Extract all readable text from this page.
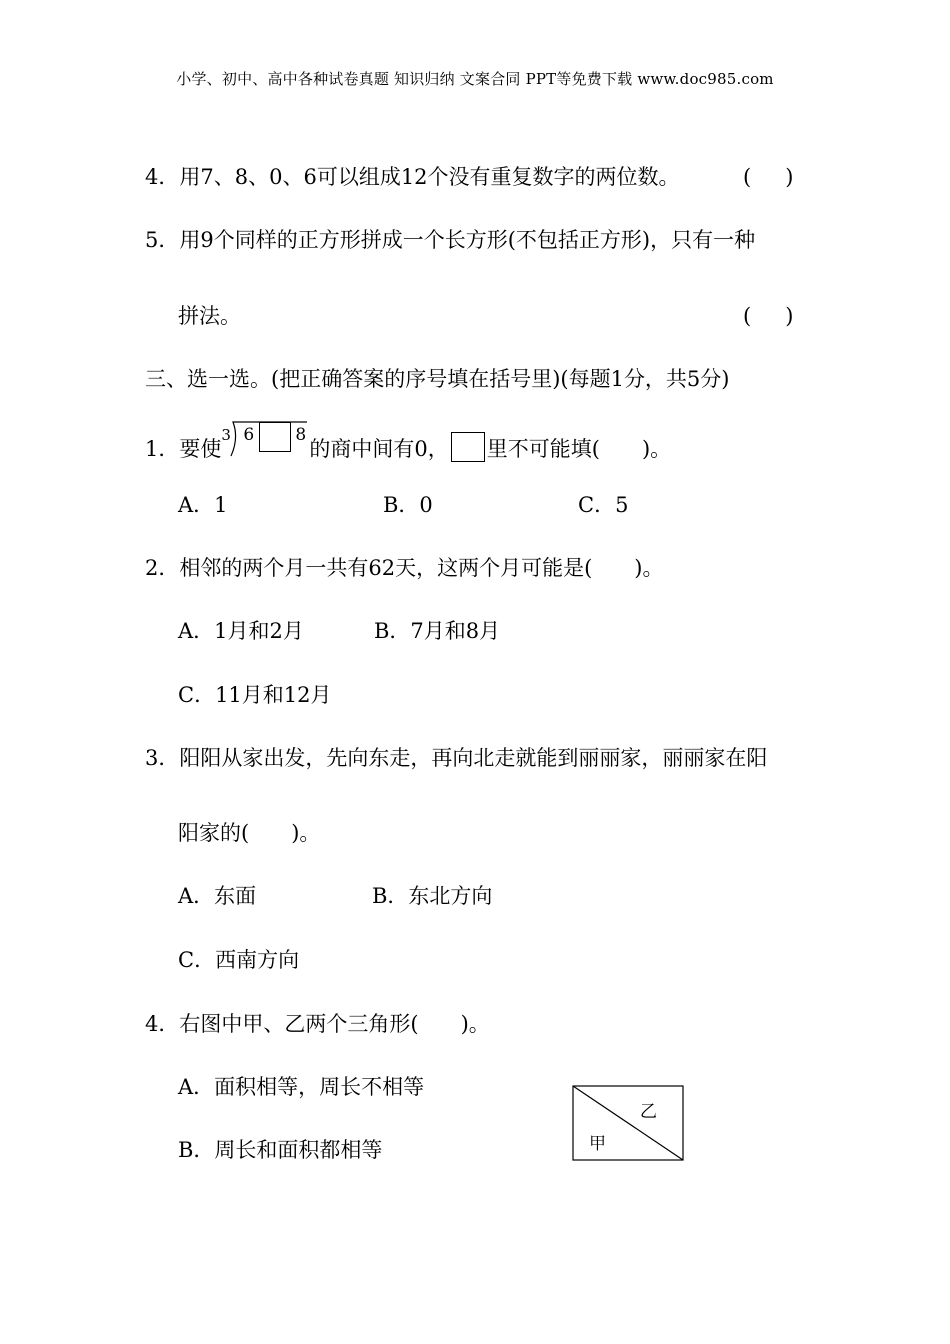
小学、初中、高中各种试卷真题 知识归纳 文案合同 PPT等免费下载 www.doc985.com
4．用7、8、0、6可以组成12个没有重复数字的两位数。	( )
5．用9个同样的正方形拼成一个长方形(不包括正方形)，只有一种
拼法。	( )
三、选一选。(把正确答案的序号填在括号里)(每题1分，共5分)
1．要使
3 6 8
的商中间有0， 里不可能填(　　)。
A．1	B．0	C．5
2．相邻的两个月一共有62天，这两个月可能是(　　)。
A．1月和2月	B．7月和8月
C．11月和12月
3．阳阳从家出发，先向东走，再向北走就能到丽丽家，丽丽家在阳
阳家的(　　)。
A．东面	B．东北方向
C．西南方向
4．右图中甲、乙两个三角形(　　)。
A．面积相等，周长不相等
B．周长和面积都相等	甲
乙
